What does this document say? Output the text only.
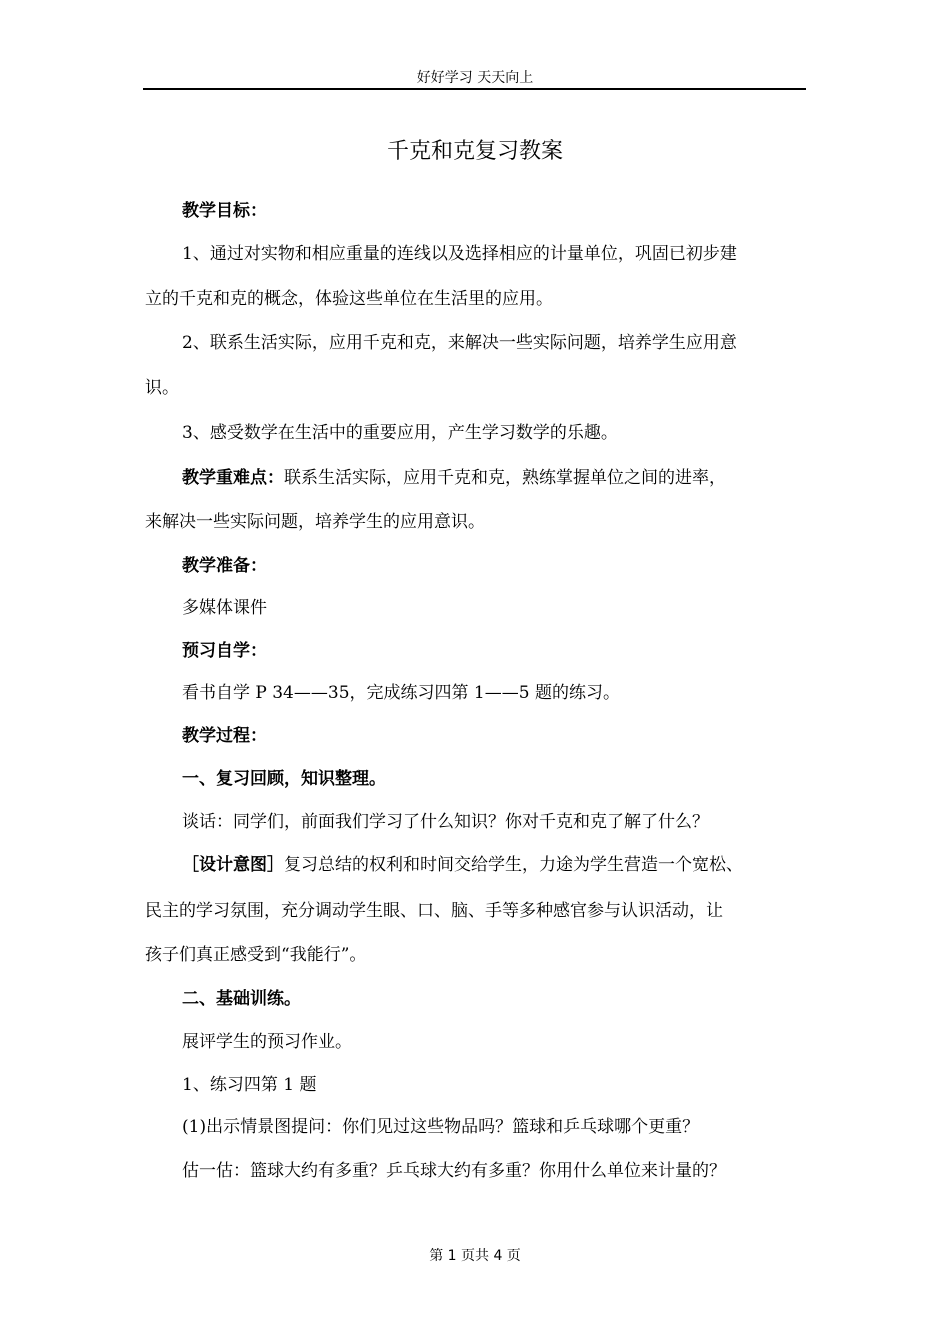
好好学习 天天向上
千克和克复习教案
教学目标：
1、通过对实物和相应重量的连线以及选择相应的计量单位，巩固已初步建
立的千克和克的概念，体验这些单位在生活里的应用。
2、联系生活实际，应用千克和克，来解决一些实际问题，培养学生应用意
识。
3、感受数学在生活中的重要应用，产生学习数学的乐趣。
教学重难点：联系生活实际，应用千克和克，熟练掌握单位之间的进率，
来解决一些实际问题，培养学生的应用意识。
教学准备：
多媒体课件
预习自学：
看书自学 P 34——35，完成练习四第 1——5 题的练习。
教学过程：
一、复习回顾，知识整理。
谈话：同学们，前面我们学习了什么知识？你对千克和克了解了什么？
［设计意图］复习总结的权利和时间交给学生，力途为学生营造一个宽松、
民主的学习氛围，充分调动学生眼、口、脑、手等多种感官参与认识活动，让
孩子们真正感受到“我能行”。
二、基础训练。
展评学生的预习作业。
1、练习四第 1 题
(1)出示情景图提问：你们见过这些物品吗？篮球和乒乓球哪个更重？
估一估：篮球大约有多重？乒乓球大约有多重？你用什么单位来计量的？
第 1 页共 4 页
